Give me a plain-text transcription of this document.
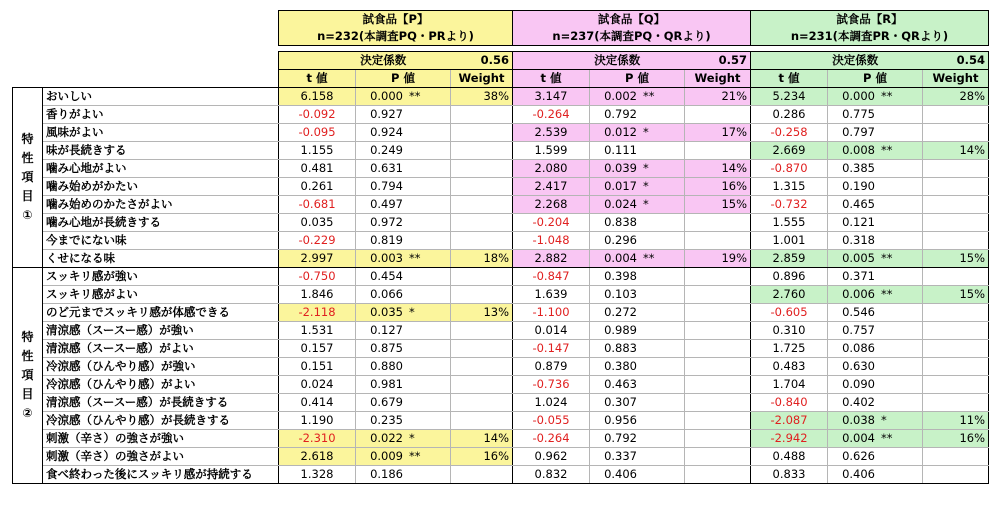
		試食品【P】			試食品【Q】			試食品【R】		
		n=232(本調査PQ・PRより)			n=237(本調査PQ・QRより)			n=231(本調査PR・QRより)		

		決定係数		0.56	決定係数		0.57	決定係数		0.54
		t 値	P 値	Weight	t 値	P 値	Weight	t 値	P 値	Weight

特
性
項
目
①	おいしい	6.158	0.000 **	38%	3.147	0.002 **	21%	5.234	0.000 **	28%
	香りがよい	-0.092	0.927		-0.264	0.792		0.286	0.775	
	風味がよい	-0.095	0.924		2.539	0.012 *	17%	-0.258	0.797	
	味が長続きする	1.155	0.249		1.599	0.111		2.669	0.008 **	14%
	噛み心地がよい	0.481	0.631		2.080	0.039 *	14%	-0.870	0.385	
	噛み始めがかたい	0.261	0.794		2.417	0.017 *	16%	1.315	0.190	
	噛み始めのかたさがよい	-0.681	0.497		2.268	0.024 *	15%	-0.732	0.465	
	噛み心地が長続きする	0.035	0.972		-0.204	0.838		1.555	0.121	
	今までにない味	-0.229	0.819		-1.048	0.296		1.001	0.318	
	くせになる味	2.997	0.003 **	18%	2.882	0.004 **	19%	2.859	0.005 **	15%

特
性
項
目
②	スッキリ感が強い	-0.750	0.454		-0.847	0.398		0.896	0.371	
	スッキリ感がよい	1.846	0.066		1.639	0.103		2.760	0.006 **	15%
	のど元までスッキリ感が体感できる	-2.118	0.035 *	13%	-1.100	0.272		-0.605	0.546	
	清涼感（スースー感）が強い	1.531	0.127		0.014	0.989		0.310	0.757	
	清涼感（スースー感）がよい	0.157	0.875		-0.147	0.883		1.725	0.086	
	冷涼感（ひんやり感）が強い	0.151	0.880		0.879	0.380		0.483	0.630	
	冷涼感（ひんやり感）がよい	0.024	0.981		-0.736	0.463		1.704	0.090	
	清涼感（スースー感）が長続きする	0.414	0.679		1.024	0.307		-0.840	0.402	
	冷涼感（ひんやり感）が長続きする	1.190	0.235		-0.055	0.956		-2.087	0.038 *	11%
	刺激（辛さ）の強さが強い	-2.310	0.022 *	14%	-0.264	0.792		-2.942	0.004 **	16%
	刺激（辛さ）の強さがよい	2.618	0.009 **	16%	0.962	0.337		0.488	0.626	
	食べ終わった後にスッキリ感が持続する	1.328	0.186		0.832	0.406		0.833	0.406	
